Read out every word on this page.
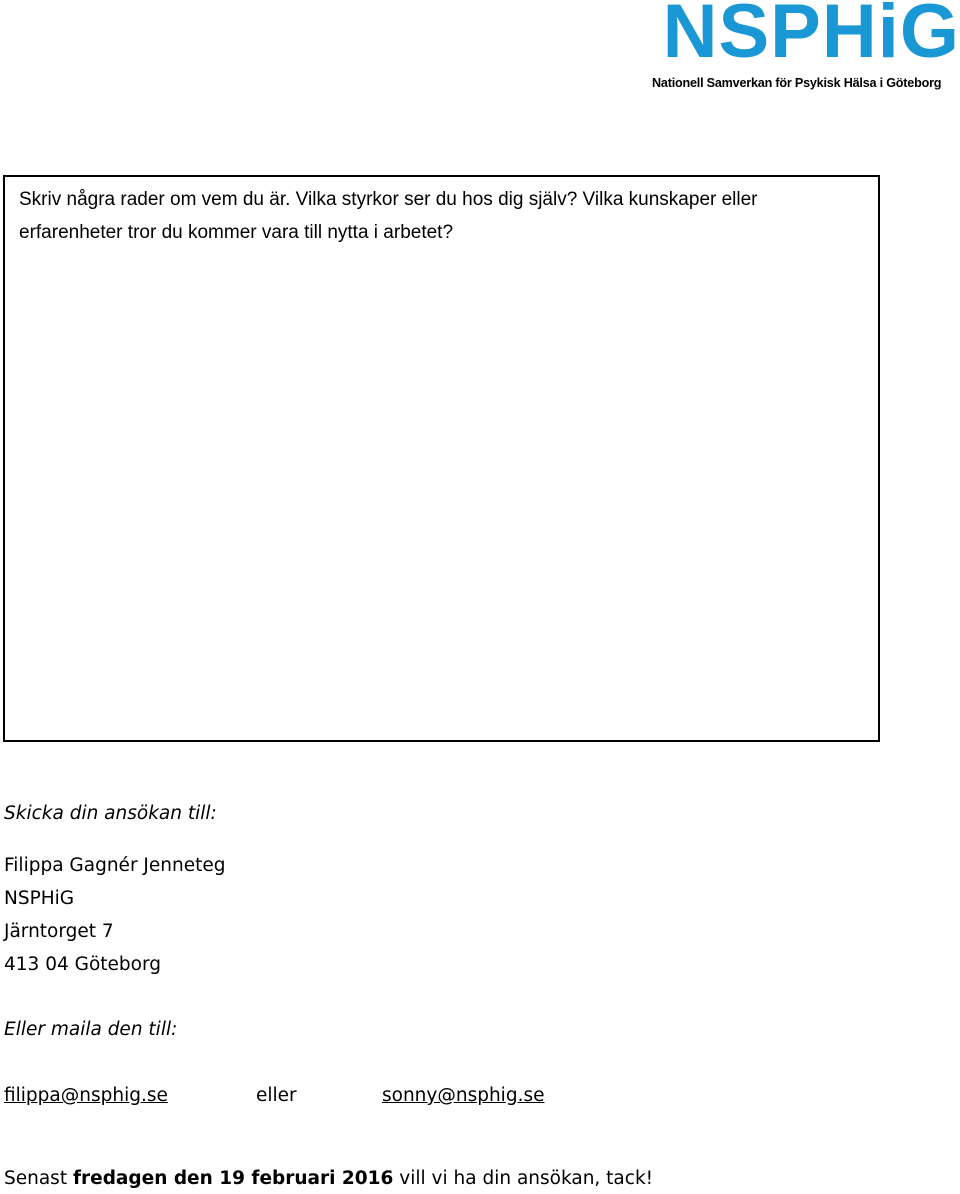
NSPHiG
Nationell Samverkan för Psykisk Hälsa i Göteborg

Skriv några rader om vem du är. Vilka styrkor ser du hos dig själv? Vilka kunskaper eller erfarenheter tror du kommer vara till nytta i arbetet?

Skicka din ansökan till:
Filippa Gagnér Jenneteg
NSPHiG
Järntorget 7
413 04 Göteborg
Eller maila den till:
filippa@nsphig.se	eller	sonny@nsphig.se
Senast fredagen den 19 februari 2016 vill vi ha din ansökan, tack!
